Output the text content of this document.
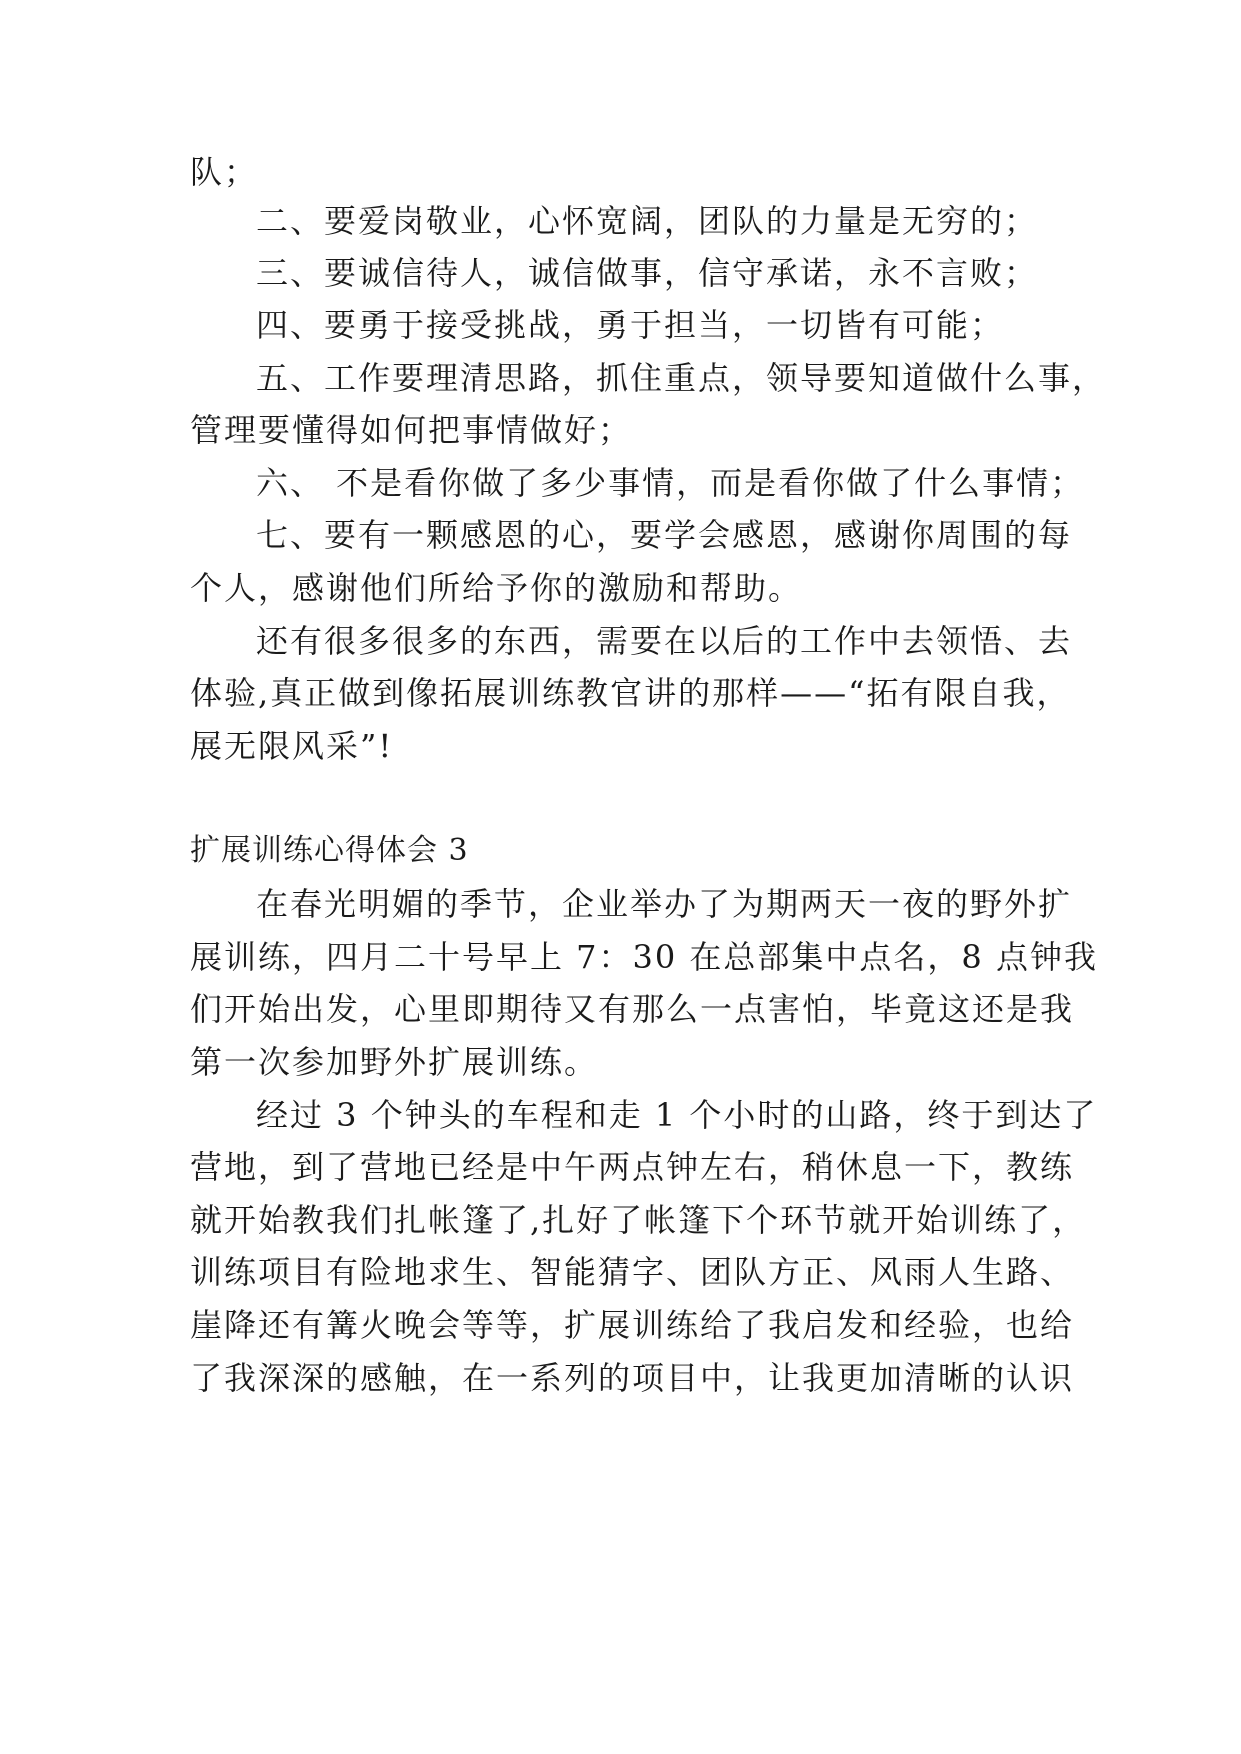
队；
二、要爱岗敬业，心怀宽阔，团队的力量是无穷的；
三、要诚信待人，诚信做事，信守承诺，永不言败；
四、要勇于接受挑战，勇于担当，一切皆有可能；
五、工作要理清思路，抓住重点，领导要知道做什么事，
管理要懂得如何把事情做好；
六、 不是看你做了多少事情，而是看你做了什么事情；
七、要有一颗感恩的心，要学会感恩，感谢你周围的每
个人，感谢他们所给予你的激励和帮助。
还有很多很多的东西，需要在以后的工作中去领悟、去
体验,真正做到像拓展训练教官讲的那样——“拓有限自我，
展无限风采”!
扩展训练心得体会 3
在春光明媚的季节，企业举办了为期两天一夜的野外扩
展训练，四月二十号早上 7：30 在总部集中点名，8 点钟我
们开始出发，心里即期待又有那么一点害怕，毕竟这还是我
第一次参加野外扩展训练。
经过 3 个钟头的车程和走 1 个小时的山路，终于到达了
营地，到了营地已经是中午两点钟左右，稍休息一下，教练
就开始教我们扎帐篷了,扎好了帐篷下个环节就开始训练了，
训练项目有险地求生、智能猜字、团队方正、风雨人生路、
崖降还有篝火晚会等等，扩展训练给了我启发和经验，也给
了我深深的感触，在一系列的项目中，让我更加清晰的认识
